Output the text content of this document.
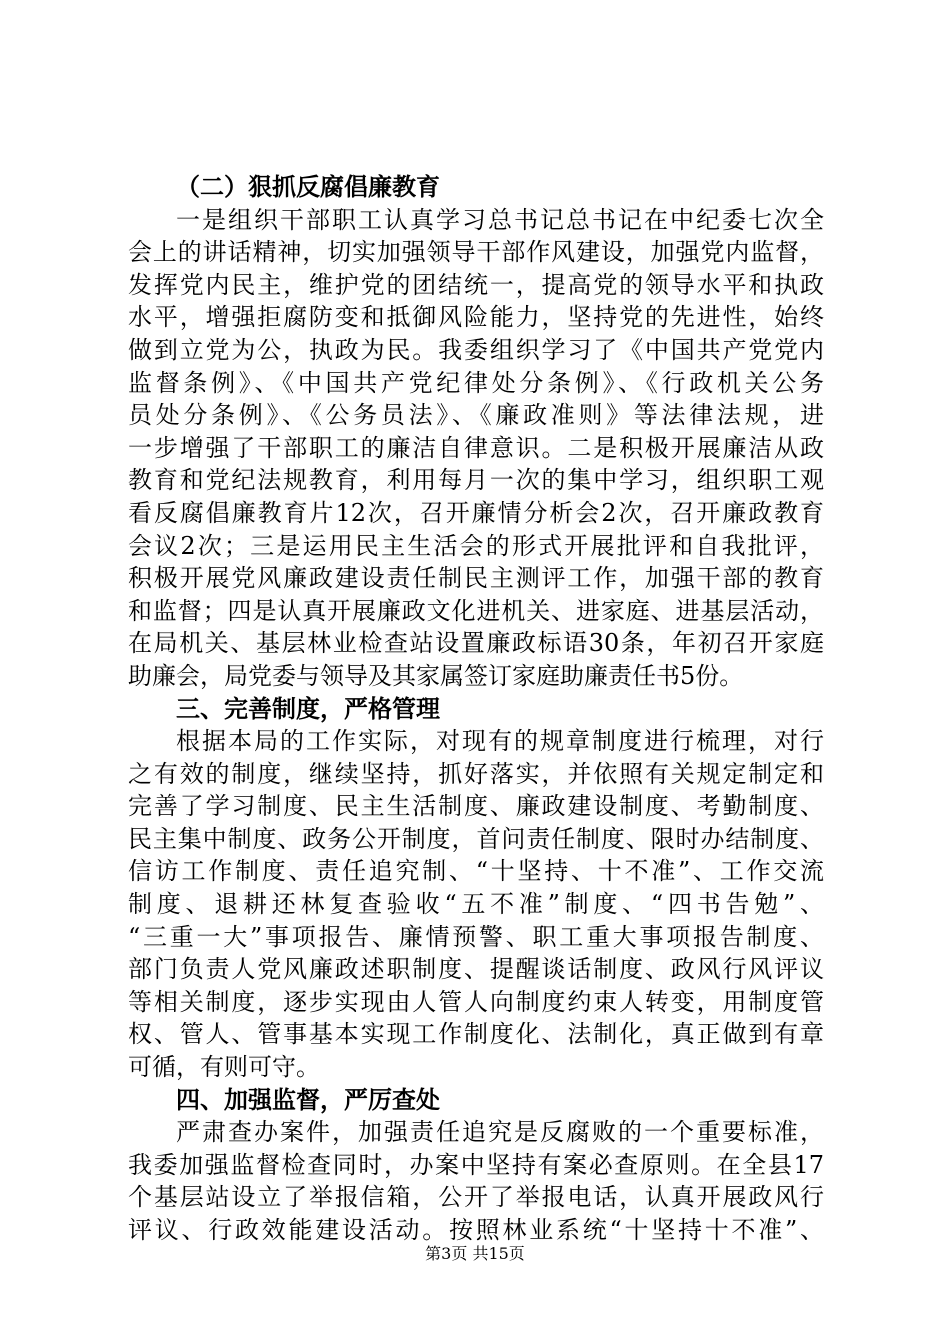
（二）狠抓反腐倡廉教育
一是组织干部职工认真学习总书记总书记在中纪委七次全
会上的讲话精神，切实加强领导干部作风建设，加强党内监督，
发挥党内民主，维护党的团结统一，提高党的领导水平和执政
水平，增强拒腐防变和抵御风险能力，坚持党的先进性，始终
做到立党为公，执政为民。我委组织学习了《中国共产党党内
监督条例》、《中国共产党纪律处分条例》、《行政机关公务
员处分条例》、《公务员法》、《廉政准则》等法律法规，进
一步增强了干部职工的廉洁自律意识。二是积极开展廉洁从政
教育和党纪法规教育，利用每月一次的集中学习，组织职工观
看反腐倡廉教育片12次，召开廉情分析会2次，召开廉政教育
会议2次；三是运用民主生活会的形式开展批评和自我批评，
积极开展党风廉政建设责任制民主测评工作，加强干部的教育
和监督；四是认真开展廉政文化进机关、进家庭、进基层活动，
在局机关、基层林业检查站设置廉政标语30条，年初召开家庭
助廉会，局党委与领导及其家属签订家庭助廉责任书5份。
三、完善制度，严格管理
根据本局的工作实际，对现有的规章制度进行梳理，对行
之有效的制度，继续坚持，抓好落实，并依照有关规定制定和
完善了学习制度、民主生活制度、廉政建设制度、考勤制度、
民主集中制度、政务公开制度，首问责任制度、限时办结制度、
信访工作制度、责任追究制、“十坚持、十不准”、工作交流
制度、退耕还林复查验收“五不准”制度、“四书告勉”、
“三重一大”事项报告、廉情预警、职工重大事项报告制度、
部门负责人党风廉政述职制度、提醒谈话制度、政风行风评议
等相关制度，逐步实现由人管人向制度约束人转变，用制度管
权、管人、管事基本实现工作制度化、法制化，真正做到有章
可循，有则可守。
四、加强监督，严厉查处
严肃查办案件，加强责任追究是反腐败的一个重要标准，
我委加强监督检查同时，办案中坚持有案必查原则。在全县17
个基层站设立了举报信箱，公开了举报电话，认真开展政风行
评议、行政效能建设活动。按照林业系统“十坚持十不准”、
第3页 共15页
